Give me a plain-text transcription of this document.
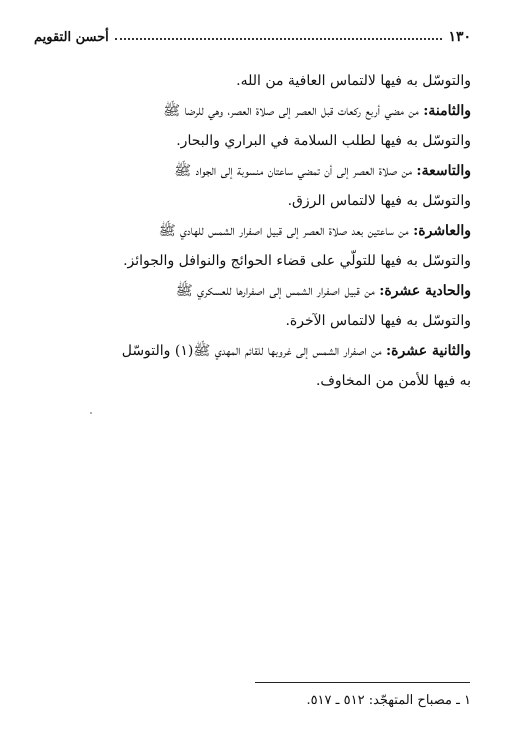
١٣٠
أحسن التقويم

والتوسّل به فيها لالتماس العافية من الله.

والثامنة: من مضي أربع ركعات قبل العصر إلى صلاة العصر، وهي للرضا ﷺ

والتوسّل به فيها لطلب السلامة في البراري والبحار.

والتاسعة: من صلاة العصر إلى أن تمضي ساعتان منسوبة إلى الجواد ﷺ

والتوسّل به فيها لالتماس الرزق.

والعاشرة: من ساعتين بعد صلاة العصر إلى قبيل اصفرار الشمس للهادي ﷺ

والتوسّل به فيها للتولّي على قضاء الحوائج والنوافل والجوائز.

والحادية عشرة: من قبيل اصفرار الشمس إلى اصفرارها للعسكري ﷺ

والتوسّل به فيها لالتماس الآخرة.

والثانية عشرة: من اصفرار الشمس إلى غروبها للقائم المهدي ﷺ(١) والتوسّل

به فيها للأمن من المخاوف.

١ ـ مصباح المتهجّد: ٥١٢ ـ ٥١٧.
